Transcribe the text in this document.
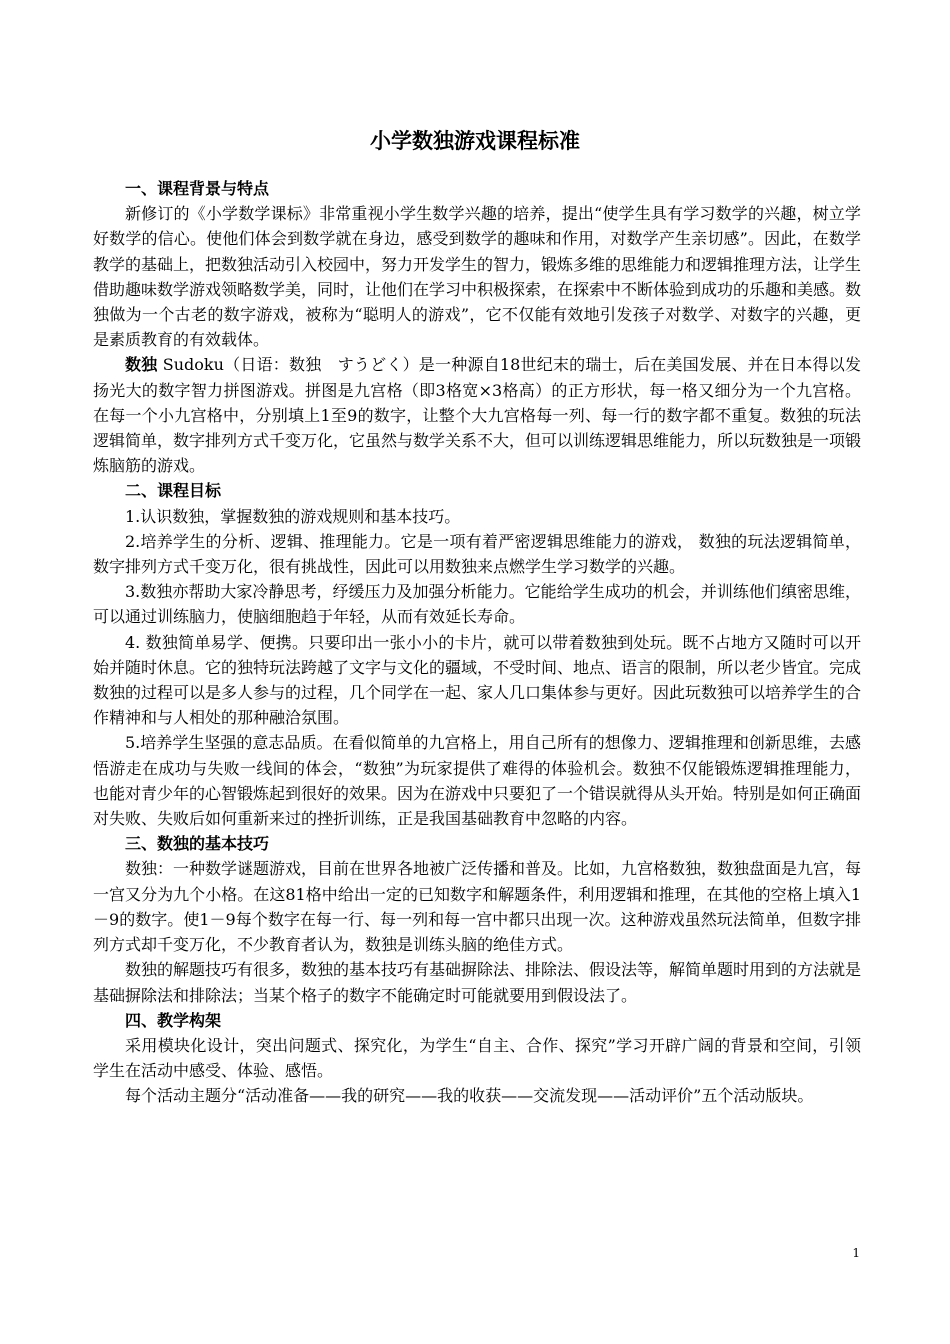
小学数独游戏课程标准
一、课程背景与特点

新修订的《小学数学课标》非常重视小学生数学兴趣的培养，提出“使学生具有学习数学的兴趣，树立学好数学的信心。使他们体会到数学就在身边，感受到数学的趣味和作用，对数学产生亲切感”。因此，在数学教学的基础上，把数独活动引入校园中，努力开发学生的智力，锻炼多维的思维能力和逻辑推理方法，让学生借助趣味数学游戏领略数学美，同时，让他们在学习中积极探索，在探索中不断体验到成功的乐趣和美感。数独做为一个古老的数字游戏，被称为“聪明人的游戏”，它不仅能有效地引发孩子对数学、对数字的兴趣，更是素质教育的有效载体。

数独 Sudoku（日语：数独　すうどく）是一种源自18世纪末的瑞士，后在美国发展、并在日本得以发扬光大的数字智力拼图游戏。拼图是九宫格（即3格宽×3格高）的正方形状，每一格又细分为一个九宫格。在每一个小九宫格中，分别填上1至9的数字，让整个大九宫格每一列、每一行的数字都不重复。数独的玩法逻辑简单，数字排列方式千变万化，它虽然与数学关系不大，但可以训练逻辑思维能力，所以玩数独是一项锻炼脑筋的游戏。

二、课程目标

1.认识数独，掌握数独的游戏规则和基本技巧。

2.培养学生的分析、逻辑、推理能力。它是一项有着严密逻辑思维能力的游戏， 数独的玩法逻辑简单，数字排列方式千变万化，很有挑战性，因此可以用数独来点燃学生学习数学的兴趣。

3.数独亦帮助大家冷静思考，纾缓压力及加强分析能力。它能给学生成功的机会，并训练他们缜密思维，可以通过训练脑力，使脑细胞趋于年轻，从而有效延长寿命。

4. 数独简单易学、便携。只要印出一张小小的卡片，就可以带着数独到处玩。既不占地方又随时可以开始并随时休息。它的独特玩法跨越了文字与文化的疆域，不受时间、地点、语言的限制，所以老少皆宜。完成数独的过程可以是多人参与的过程，几个同学在一起、家人几口集体参与更好。因此玩数独可以培养学生的合作精神和与人相处的那种融洽氛围。

5.培养学生坚强的意志品质。在看似简单的九宫格上，用自己所有的想像力、逻辑推理和创新思维，去感悟游走在成功与失败一线间的体会，“数独”为玩家提供了难得的体验机会。数独不仅能锻炼逻辑推理能力，也能对青少年的心智锻炼起到很好的效果。因为在游戏中只要犯了一个错误就得从头开始。特别是如何正确面对失败、失败后如何重新来过的挫折训练，正是我国基础教育中忽略的内容。

三、数独的基本技巧

数独：一种数学谜题游戏，目前在世界各地被广泛传播和普及。比如，九宫格数独，数独盘面是九宫，每一宫又分为九个小格。在这81格中给出一定的已知数字和解题条件，利用逻辑和推理，在其他的空格上填入1－9的数字。使1－9每个数字在每一行、每一列和每一宫中都只出现一次。这种游戏虽然玩法简单，但数字排列方式却千变万化，不少教育者认为，数独是训练头脑的绝佳方式。

数独的解题技巧有很多，数独的基本技巧有基础摒除法、排除法、假设法等，解简单题时用到的方法就是基础摒除法和排除法；当某个格子的数字不能确定时可能就要用到假设法了。

四、教学构架

采用模块化设计，突出问题式、探究化，为学生“自主、合作、探究”学习开辟广阔的背景和空间，引领学生在活动中感受、体验、感悟。

每个活动主题分“活动准备——我的研究——我的收获——交流发现——活动评价”五个活动版块。

1
